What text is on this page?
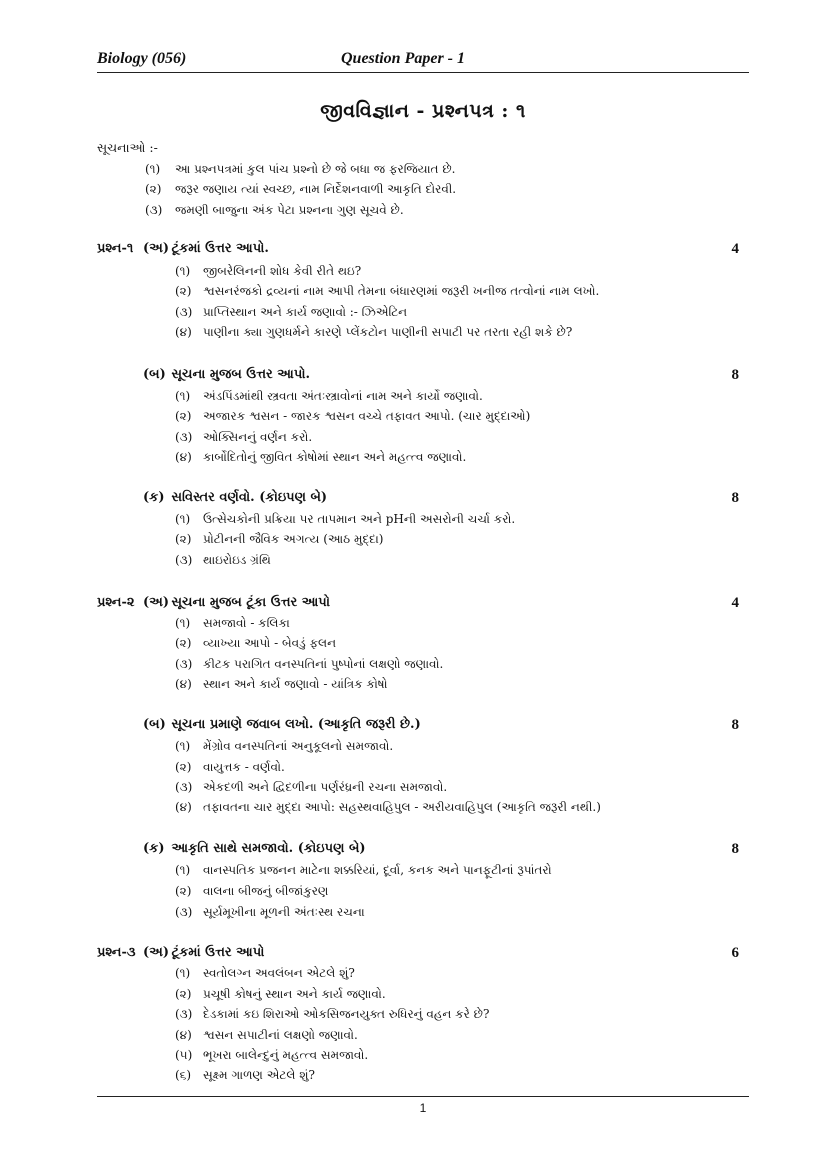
Biology (056)	Question Paper - 1
જીવવિજ્ઞાન - પ્રશ્નપત્ર : ૧
સૂચનાઓ :-
(૧) આ પ્રશ્નપત્રમાં કુલ પાંચ પ્રશ્નો છે જે બધા જ ફરજિયાત છે.
(૨) જરૂર જણાય ત્યાં સ્વચ્છ, નામ નિર્દેશનવાળી આકૃતિ દોરવી.
(૩) જમણી બાજુના અંક પેટા પ્રશ્નના ગુણ સૂચવે છે.
પ્રશ્ન-૧ (અ) ટૂંકમાં ઉત્તર આપો.	4
(૧) જીબરેલિનની શોધ કેવી રીતે થઇ?
(૨) શ્વસનરંજકો દ્રવ્યનાં નામ આપી તેમના બંધારણમાં જરૂરી ખનીજ તત્વોનાં નામ લખો.
(૩) પ્રાપ્તિસ્થાન અને કાર્ય જણાવો :- ઝિએટિન
(૪) પાણીના ક્યા ગુણધર્મને કારણે પ્લેંકટોન પાણીની સપાટી પર તરતા રહી શકે છે?
(બ) સૂચના મુજબ ઉત્તર આપો.	8
(૧) અંડપિંડમાંથી સ્ત્રવતા અંતઃસ્ત્રાવોનાં નામ અને કાર્યો જણાવો.
(૨) અજારક શ્વસન - જારક શ્વસન વચ્ચે તફાવત આપો. (ચાર મુદ્દાઓ)
(૩) ઓક્સિનનું વર્ણન કરો.
(૪) કાર્બોદિતોનું જીવિત કોષોમાં સ્થાન અને મહત્ત્વ જણાવો.
(ક) સવિસ્તર વર્ણવો. (કોઇપણ બે)	8
(૧) ઉત્સેચકોની પ્રક્રિયા પર તાપમાન અને pHની અસરોની ચર્ચા કરો.
(૨) પ્રોટીનની જૈવિક અગત્ય (આઠ મુદ્દા)
(૩) થાઇરોઇડ ગ્રંથિ
પ્રશ્ન-૨ (અ) સૂચના મુજબ ટૂંકા ઉત્તર આપો	4
(૧) સમજાવો - કલિકા
(૨) વ્યાખ્યા આપો - બેવડું ફલન
(૩) કીટક પરાગિત વનસ્પતિનાં પુષ્પોનાં લક્ષણો જણાવો.
(૪) સ્થાન અને કાર્ય જણાવો - યાંત્રિક કોષો
(બ) સૂચના પ્રમાણે જવાબ લખો. (આકૃતિ જરૂરી છે.)	8
(૧) મેંગ્રોવ વનસ્પતિનાં અનુકૂલનો સમજાવો.
(૨) વાયુત્તક - વર્ણવો.
(૩) એકદળી અને દ્વિદળીના પર્ણરંધ્રની રચના સમજાવો.
(૪) તફાવતના ચાર મુદ્દા આપો: સહસ્થવાહિપુલ - અરીયવાહિપુલ (આકૃતિ જરૂરી નથી.)
(ક) આકૃતિ સાથે સમજાવો. (કોઇપણ બે)	8
(૧) વાનસ્પતિક પ્રજનન માટેના શક્કરિયાં, દૂર્વા, કનક અને પાનફૂટીનાં રૂપાંતરો
(૨) વાલના બીજનું બીજાંકુરણ
(૩) સૂર્યમૂખીના મૂળની અંતઃસ્થ રચના
પ્રશ્ન-૩ (અ) ટૂંકમાં ઉત્તર આપો	6
(૧) સ્વતોલગ્ન અવલંબન એટલે શું?
(૨) પ્રચૂષી કોષનું સ્થાન અને કાર્ય જણાવો.
(૩) દેડકામાં કઇ શિરાઓ ઓકસિજનયુક્ત રુધિરનું વહન કરે છે?
(૪) શ્વસન સપાટીનાં લક્ષણો જણાવો.
(૫) ભૂખરા બાલેન્દુનું મહત્ત્વ સમજાવો.
(૬) સૂક્ષ્મ ગાળણ એટલે શું?
1
